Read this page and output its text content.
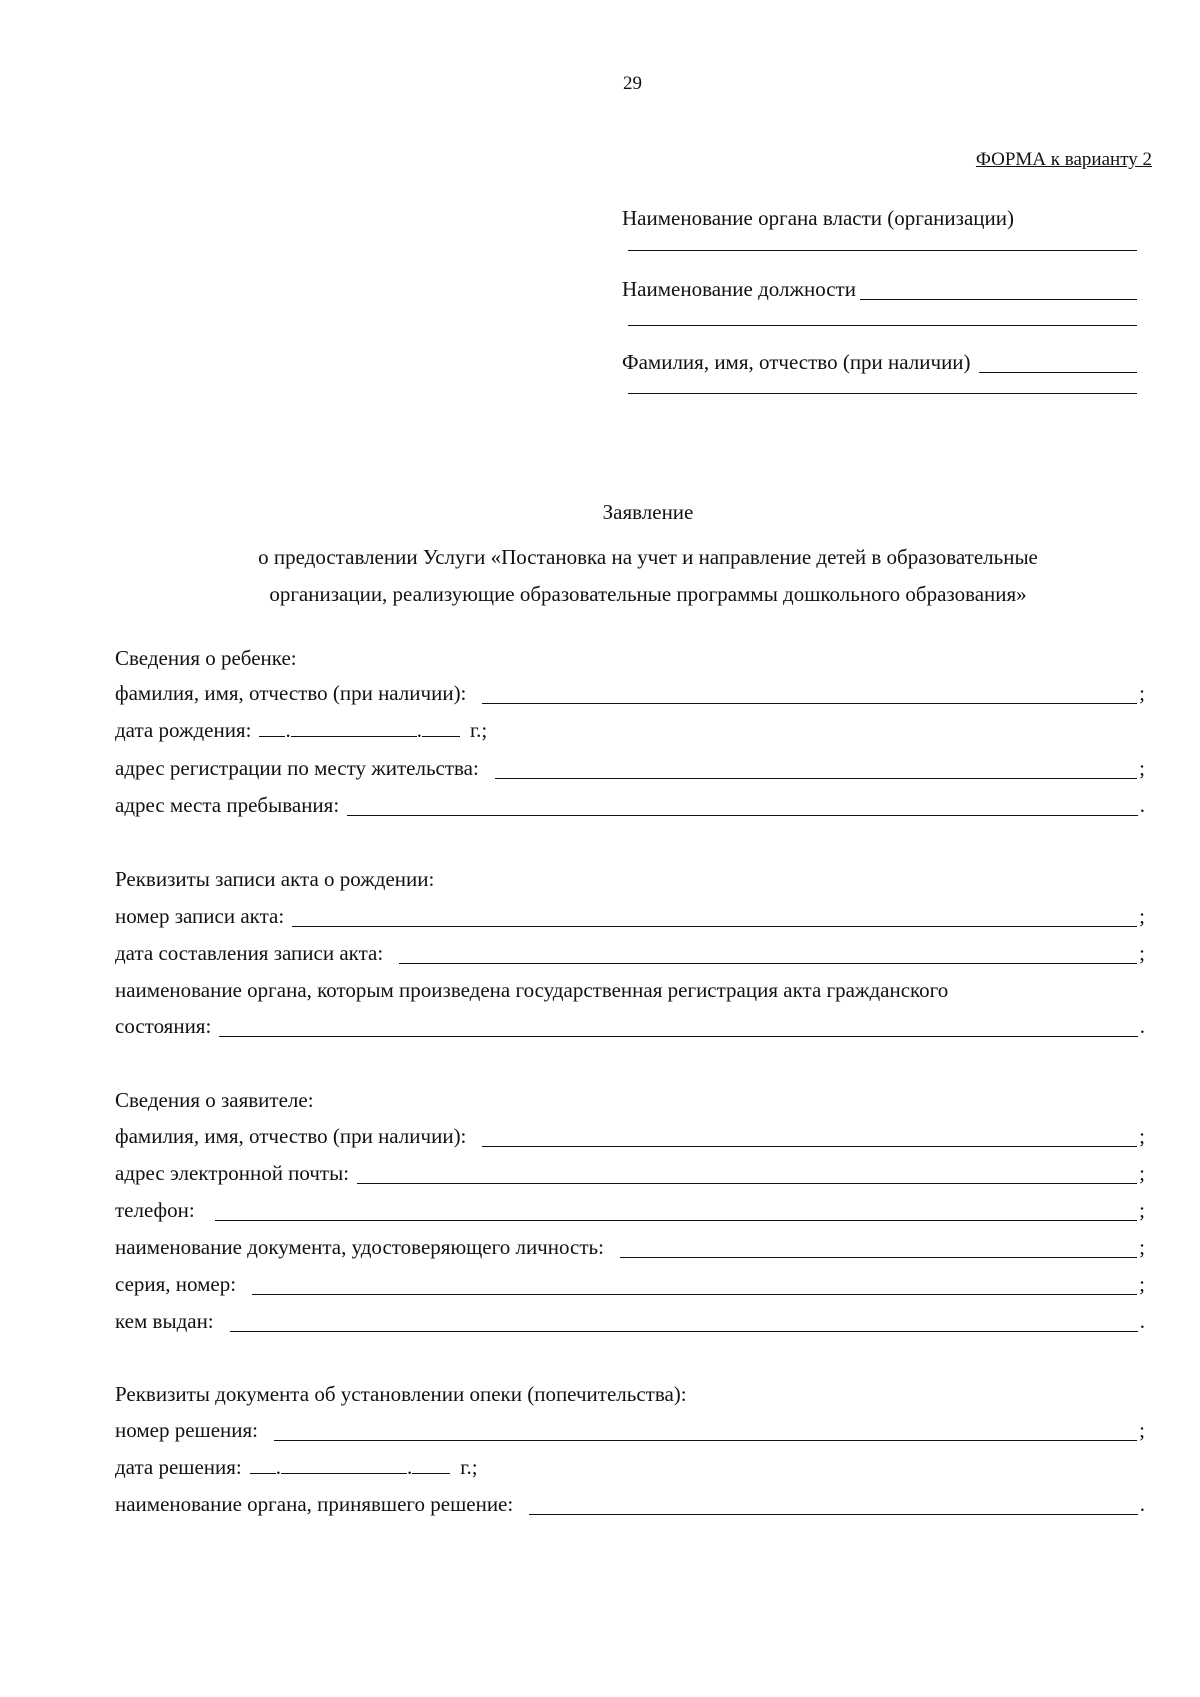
29
ФОРМА к варианту 2
Наименование органа власти (организации)
Наименование должности
Фамилия, имя, отчество (при наличии)
Заявление
о предоставлении Услуги «Постановка на учет и направление детей в образовательные
организации, реализующие образовательные программы дошкольного образования»
Сведения о ребенке:
фамилия, имя, отчество (при наличии):	;
дата рождения:	.	.	г.;
адрес регистрации по месту жительства:	;
адрес места пребывания:	.
Реквизиты записи акта о рождении:
номер записи акта:	;
дата составления записи акта:	;
наименование органа, которым произведена государственная регистрация акта гражданского
состояния:	.
Сведения о заявителе:
фамилия, имя, отчество (при наличии):	;
адрес электронной почты:	;
телефон:	;
наименование документа, удостоверяющего личность:	;
серия, номер:	;
кем выдан:	.
Реквизиты документа об установлении опеки (попечительства):
номер решения:	;
дата решения:	.	.	г.;
наименование органа, принявшего решение:	.
